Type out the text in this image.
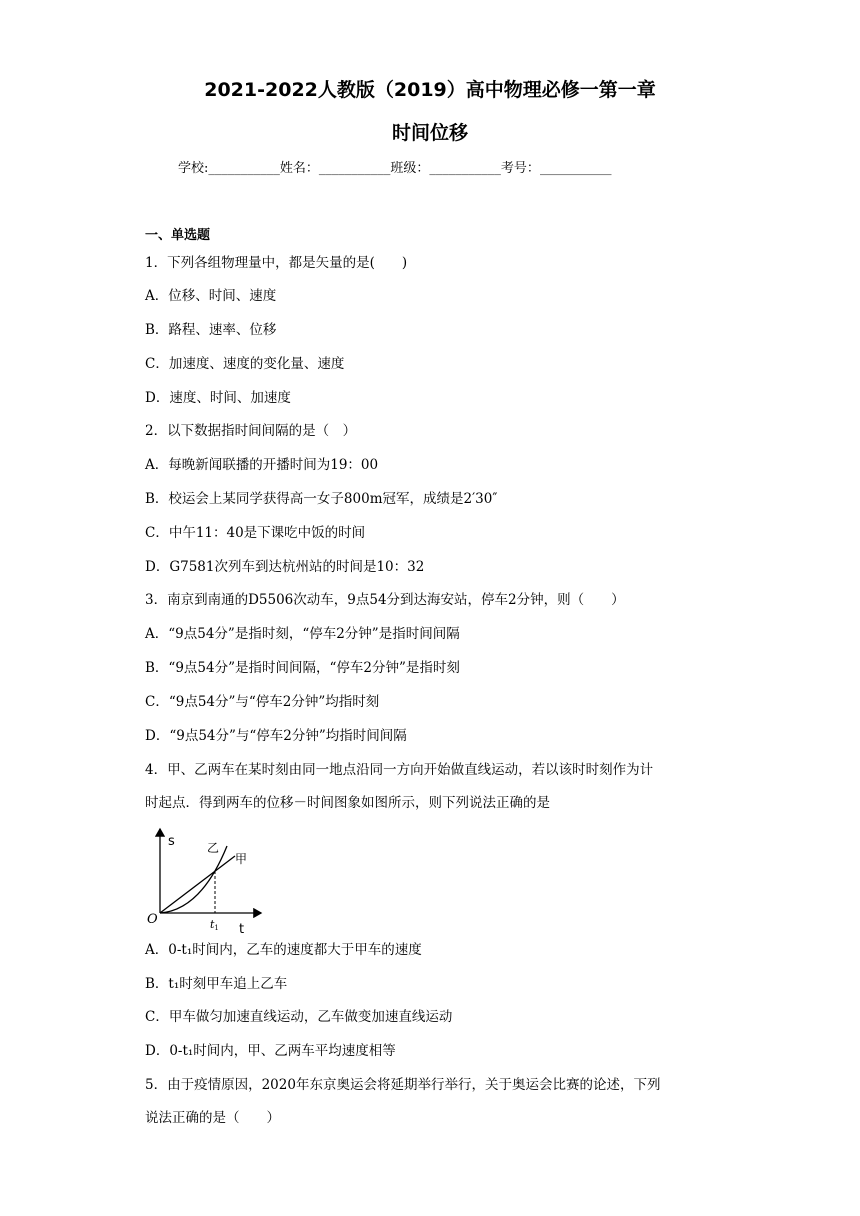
2021-2022人教版（2019）高中物理必修一第一章
时间位移
学校:___________姓名：___________班级：___________考号：___________
一、单选题
1．下列各组物理量中，都是矢量的是(　　)
A．位移、时间、速度
B．路程、速率、位移
C．加速度、速度的变化量、速度
D．速度、时间、加速度
2．以下数据指时间间隔的是（　）
A．每晚新闻联播的开播时间为19：00
B．校运会上某同学获得高一女子800m冠军，成绩是2′30″
C．中午11：40是下课吃中饭的时间
D．G7581次列车到达杭州站的时间是10：32
3．南京到南通的D5506次动车，9点54分到达海安站，停车2分钟，则（　　）
A．“9点54分”是指时刻，“停车2分钟”是指时间间隔
B．“9点54分”是指时间间隔，“停车2分钟”是指时刻
C．“9点54分”与“停车2分钟”均指时刻
D．“9点54分”与“停车2分钟”均指时间间隔
4．甲、乙两车在某时刻由同一地点沿同一方向开始做直线运动，若以该时时刻作为计
时起点．得到两车的位移－时间图象如图所示，则下列说法正确的是
s
t
O	t1
乙
甲
A．0-t₁时间内，乙车的速度都大于甲车的速度
B．t₁时刻甲车追上乙车
C．甲车做匀加速直线运动，乙车做变加速直线运动
D．0-t₁时间内，甲、乙两车平均速度相等
5．由于疫情原因，2020年东京奥运会将延期举行举行，关于奥运会比赛的论述，下列
说法正确的是（　　）
